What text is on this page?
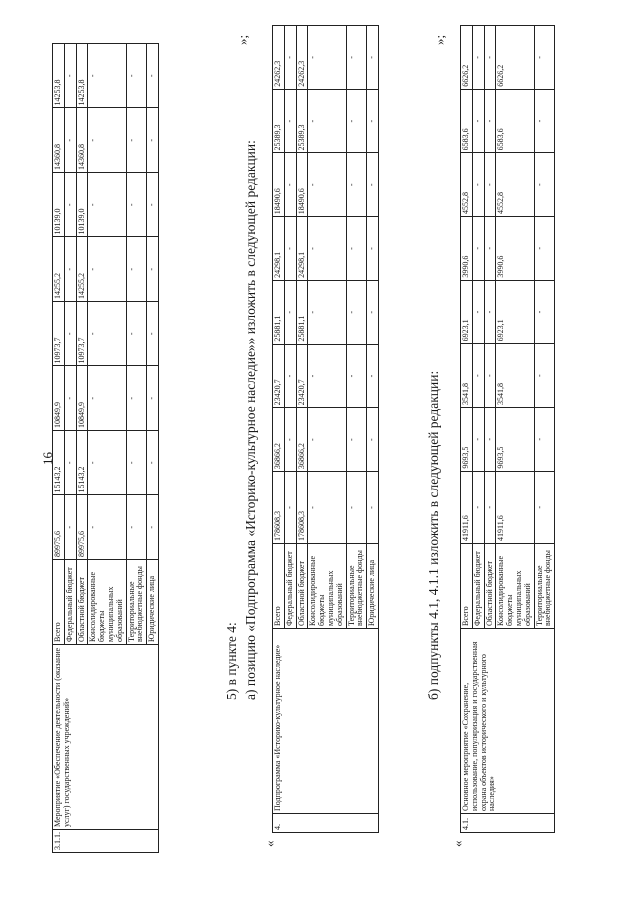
16
3.1.1.	Мероприятие «Обеспечение деятельности (оказание услуг) государственных учреждений»	Всего	89975,6	15143,2	10849,9	10973,7	14255,2	10139,0	14360,8	14253,8
		Федеральный бюджет	-	-	-	-	-	-	-	-
		Областной бюджет	89975,6	15143,2	10849,9	10973,7	14255,2	10139,0	14360,8	14253,8
		Консолидированные бюджеты муниципальных образований	-	-	-	-	-	-	-	-
		Территориальные внебюджетные фонды	-	-	-	-	-	-	-	-
		Юридические лица	-	-	-	-	-	-	-	-
»;
5) в пункте 4: а) позицию «Подпрограмма «Историко-культурное наследие»» изложить в следующей редакции:
«
4.	Подпрограмма «Историко-культурное наследие»	Всего	178608,3	36866,2	23420,7	25881,1	24298,1	18490,6	25389,3	24262,3
		Федеральный бюджет	-	-	-	-	-	-	-	-
		Областной бюджет	178608,3	36866,2	23420,7	25881,1	24298,1	18490,6	25389,3	24262,3
		Консолидированные бюджеты муниципальных образований	-	-	-	-	-	-	-	-
		Территориальные внебюджетные фонды	-	-	-	-	-	-	-	-
		Юридические лица	-	-	-	-	-	-	-	-
»;
б) подпункты 4.1, 4.1.1 изложить в следующей редакции:
«
4.1.	Основное мероприятие «Сохранение, использование, популяризация и государственная охрана объектов исторического и культурного наследия»	Всего	41911,6	9693,5	3541,8	6923,1	3990,6	4552,8	6583,6	6626,2
		Федеральный бюджет	-	-	-	-	-	-	-	-
		Областной бюджет	-	-	-	-	-	-	-	-
		Консолидированные бюджеты муниципальных образований	41911,6	9693,5	3541,8	6923,1	3990,6	4552,8	6583,6	6626,2
		Территориальные внебюджетные фонды	-	-	-	-	-	-	-	-
